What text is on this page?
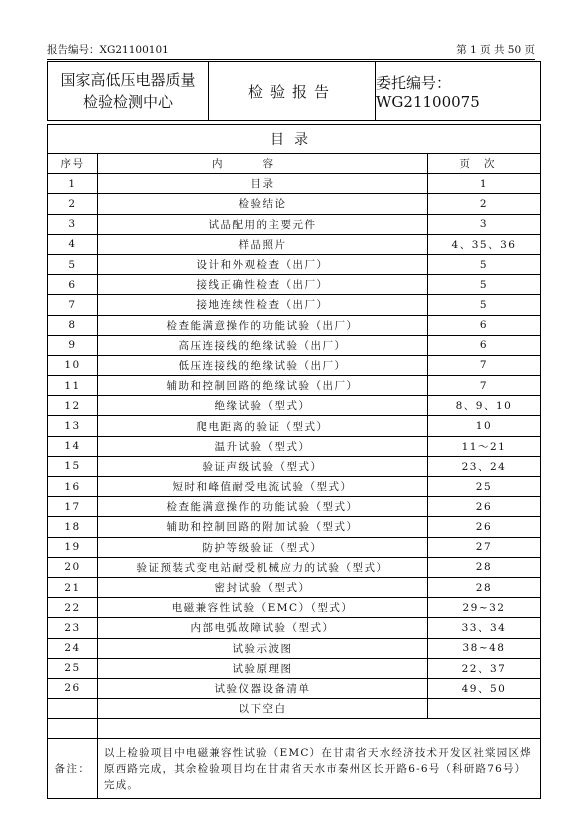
报告编号：XG21100101	第 1 页 共 50 页
国家高低压电器质量
检验检测中心
检验报告	委托编号：WG21100075
目录		
序号	内容	页次
1	目录	1
2	检验结论	2
3	试品配用的主要元件	3
4	样品照片	4、35、36
5	设计和外观检查（出厂）	5
6	接线正确性检查（出厂）	5
7	接地连续性检查（出厂）	5
8	检查能满意操作的功能试验（出厂）	6
9	高压连接线的绝缘试验（出厂）	6
10	低压连接线的绝缘试验（出厂）	7
11	辅助和控制回路的绝缘试验（出厂）	7
12	绝缘试验（型式）	8、9、10
13	爬电距离的验证（型式）	10
14	温升试验（型式）	11～21
15	验证声级试验（型式）	23、24
16	短时和峰值耐受电流试验（型式）	25
17	检查能满意操作的功能试验（型式）	26
18	辅助和控制回路的附加试验（型式）	26
19	防护等级验证（型式）	27
20	验证预装式变电站耐受机械应力的试验（型式）	28
21	密封试验（型式）	28
22	电磁兼容性试验（EMC）（型式）	29~32
23	内部电弧故障试验（型式）	33、34
24	试验示波图	38~48
25	试验原理图	22、37
26	试验仪器设备清单	49、50
	以下空白	

备注：	以上检验项目中电磁兼容性试验（EMC）在甘肃省天水经济技术开发区社棠园区烨原西路完成，其余检验项目均在甘肃省天水市秦州区长开路6-6号（科研路76号）完成。	
